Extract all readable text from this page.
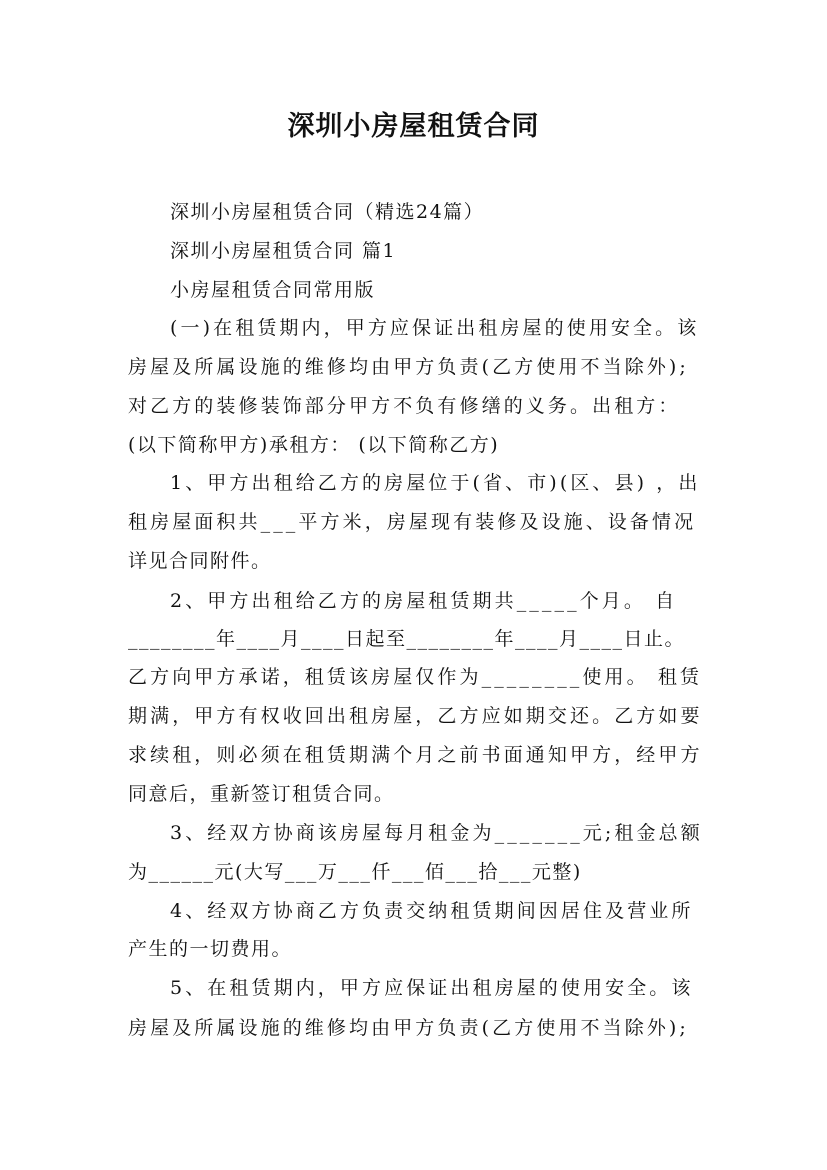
深圳小房屋租赁合同
深圳小房屋租赁合同（精选24篇）
深圳小房屋租赁合同 篇1
小房屋租赁合同常用版
(一)在租赁期内，甲方应保证出租房屋的使用安全。该
房屋及所属设施的维修均由甲方负责(乙方使用不当除外);
对乙方的装修装饰部分甲方不负有修缮的义务。出租方：
(以下简称甲方)承租方： (以下简称乙方)
1、甲方出租给乙方的房屋位于(省、市)(区、县) ，出
租房屋面积共___平方米，房屋现有装修及设施、设备情况
详见合同附件。
2、甲方出租给乙方的房屋租赁期共_____个月。 自
________年____月____日起至________年____月____日止。
乙方向甲方承诺，租赁该房屋仅作为________使用。 租赁
期满，甲方有权收回出租房屋，乙方应如期交还。乙方如要
求续租，则必须在租赁期满个月之前书面通知甲方，经甲方
同意后，重新签订租赁合同。
3、经双方协商该房屋每月租金为_______元;租金总额
为______元(大写___万___仟___佰___拾___元整)
4、经双方协商乙方负责交纳租赁期间因居住及营业所
产生的一切费用。
5、在租赁期内，甲方应保证出租房屋的使用安全。该
房屋及所属设施的维修均由甲方负责(乙方使用不当除外);
